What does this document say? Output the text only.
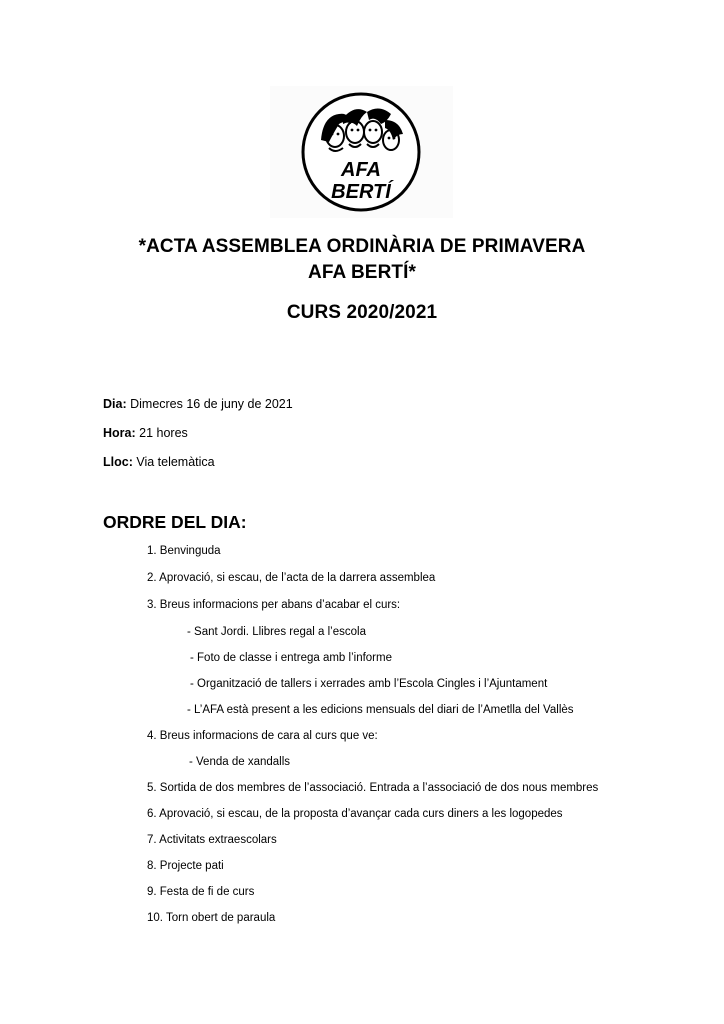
AFA
BERTÍ
*ACTA ASSEMBLEA ORDINÀRIA DE PRIMAVERA
AFA BERTÍ*
CURS 2020/2021
Dia: Dimecres 16 de juny de 2021
Hora: 21 hores
Lloc: Via telemàtica
ORDRE DEL DIA:
1. Benvinguda
2. Aprovació, si escau, de l’acta de la darrera assemblea
3. Breus informacions per abans d’acabar el curs:
- Sant Jordi. Llibres regal a l’escola
- Foto de classe i entrega amb l’informe
- Organització de tallers i xerrades amb l’Escola Cingles i l’Ajuntament
- L’AFA està present a les edicions mensuals del diari de l’Ametlla del Vallès
4. Breus informacions de cara al curs que ve:
- Venda de xandalls
5. Sortida de dos membres de l’associació. Entrada a l’associació de dos nous membres
6. Aprovació, si escau, de la proposta d’avançar cada curs diners a les logopedes
7. Activitats extraescolars
8. Projecte pati
9. Festa de fi de curs
10. Torn obert de paraula
